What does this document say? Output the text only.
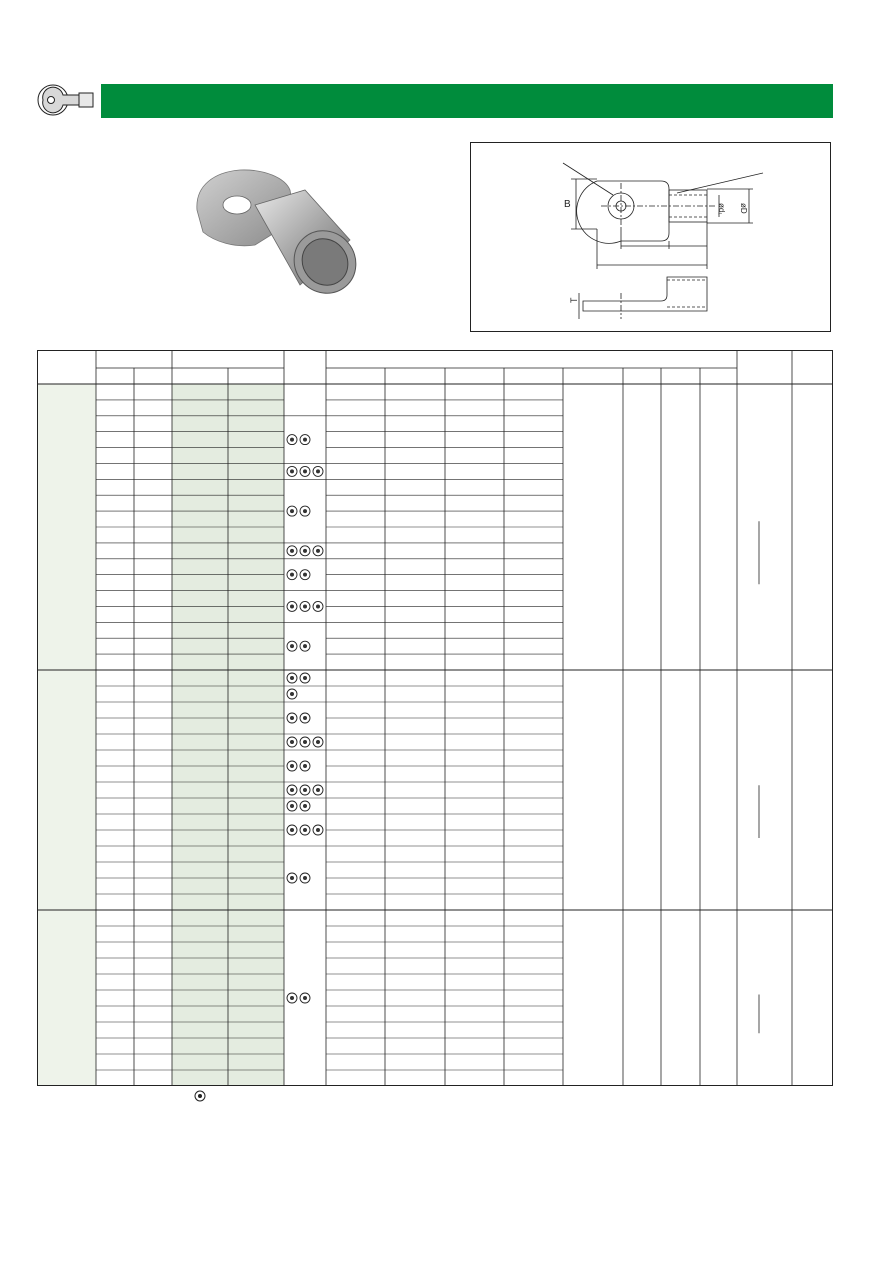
B	ød₁ øD
T
